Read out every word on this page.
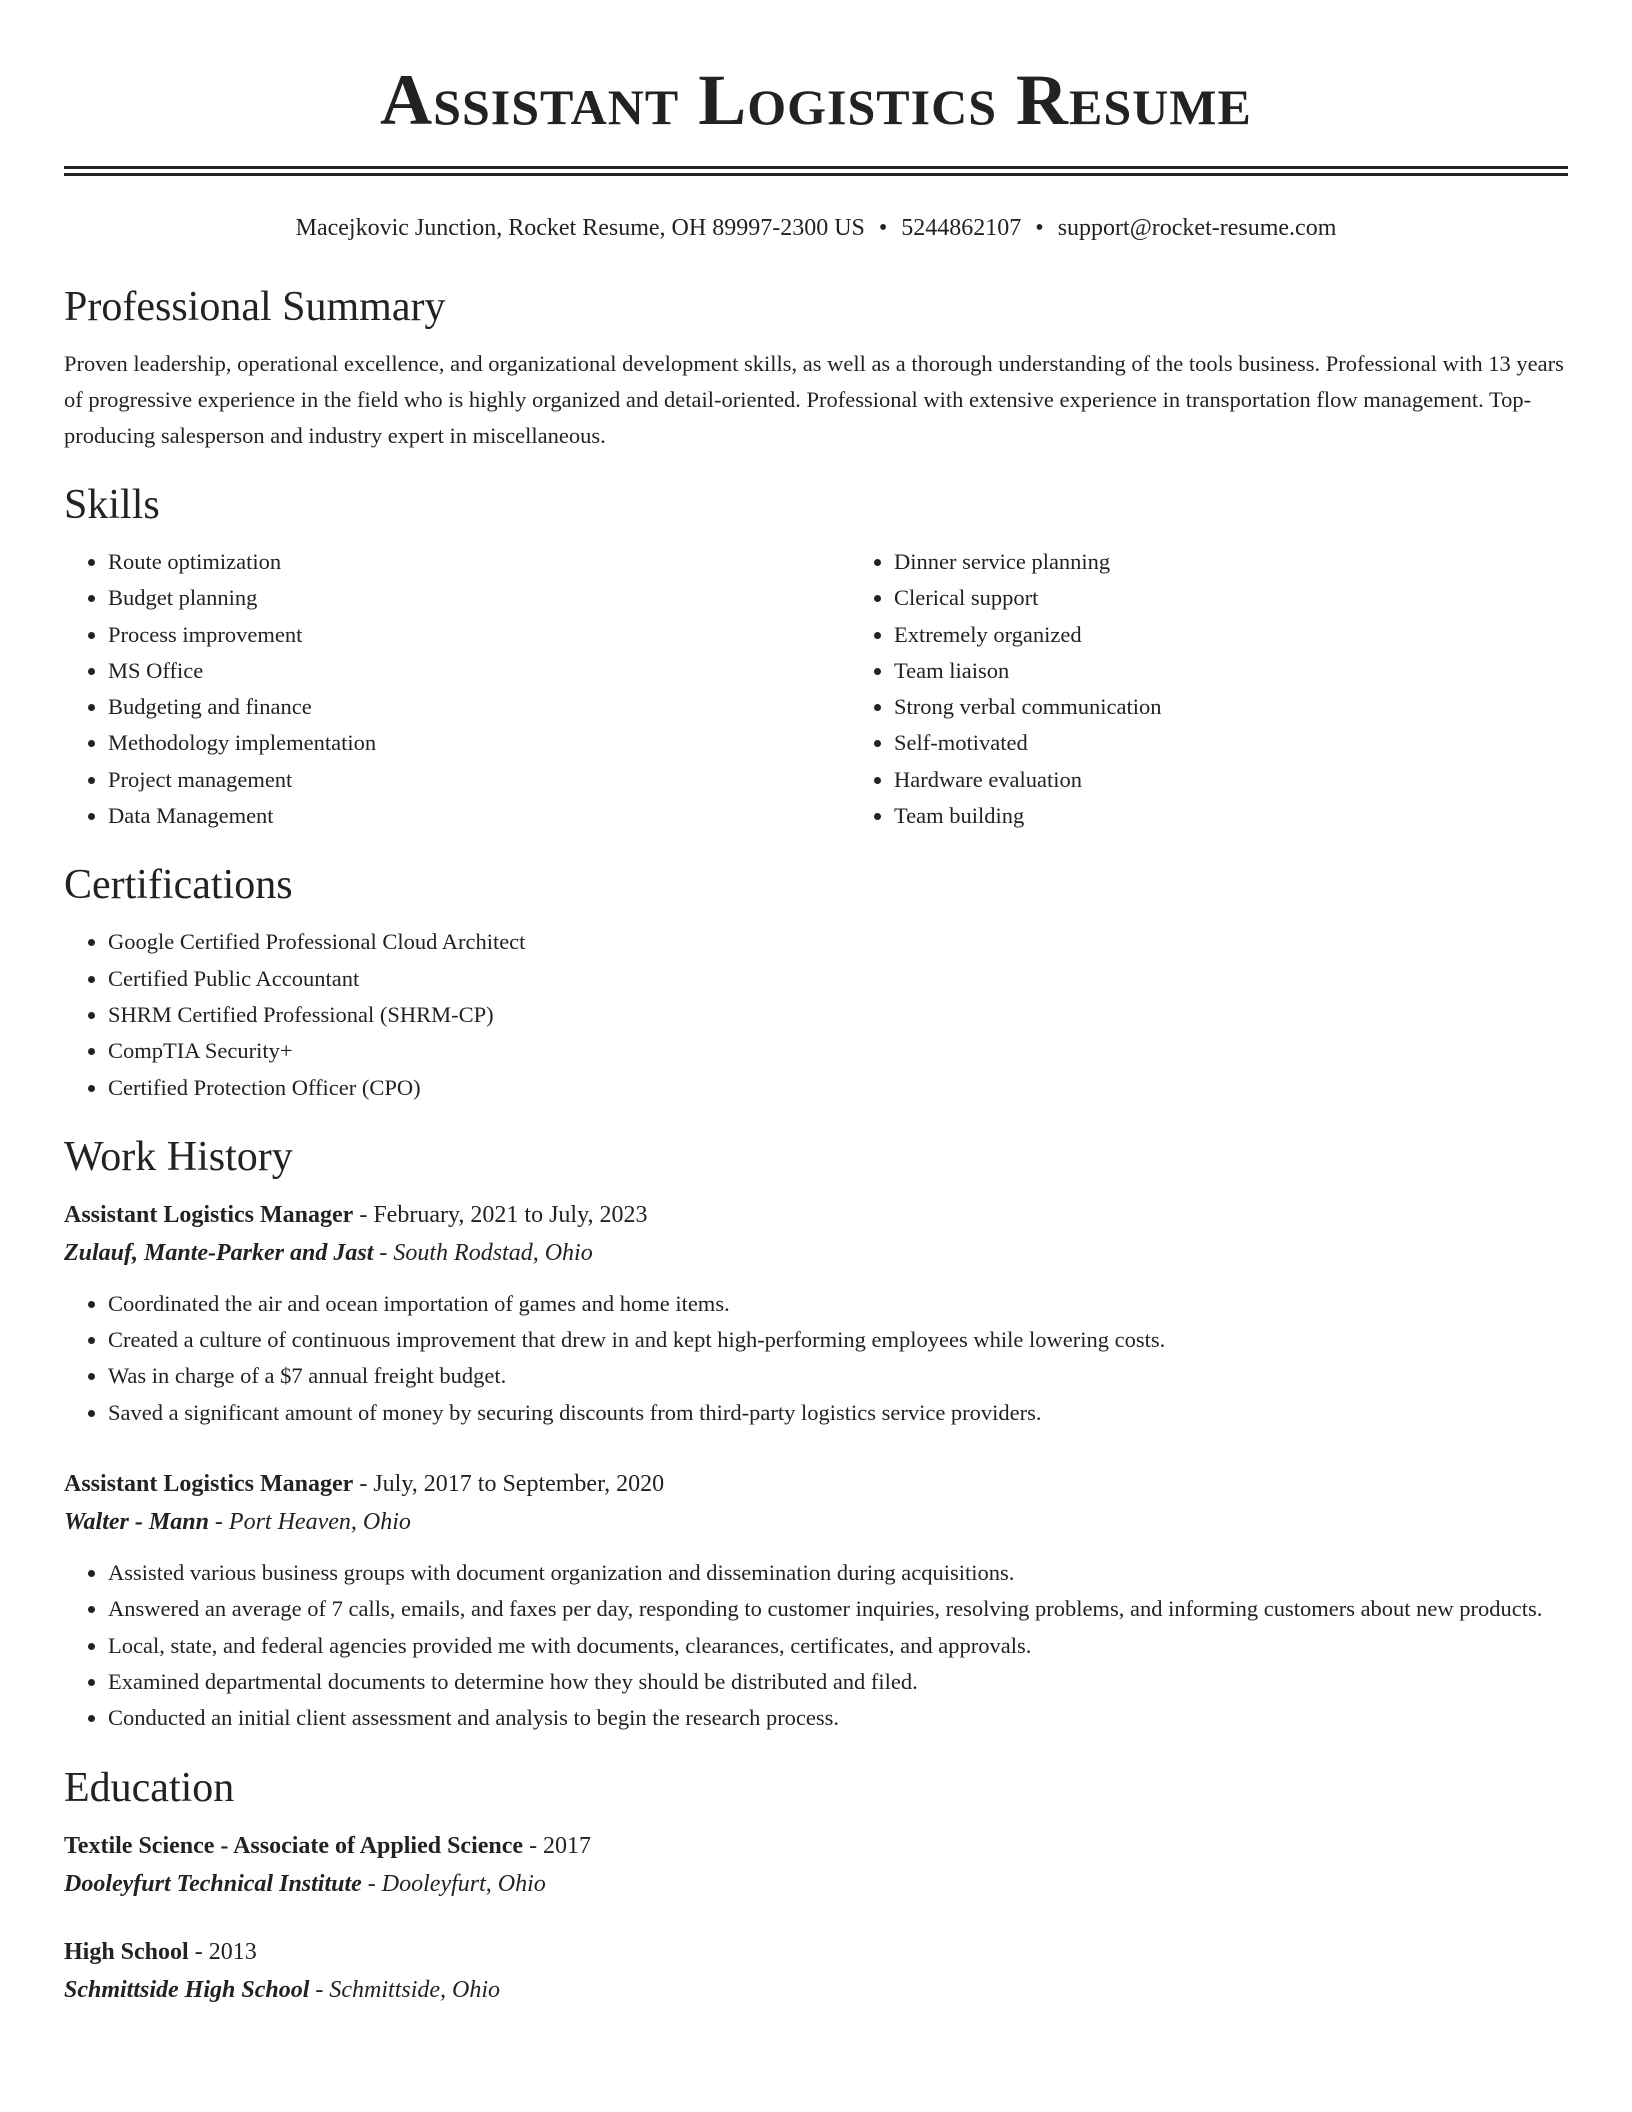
Assistant Logistics Resume
Macejkovic Junction, Rocket Resume, OH 89997-2300 US • 5244862107 • support@rocket-resume.com
Professional Summary

Proven leadership, operational excellence, and organizational development skills, as well as a thorough understanding of the tools business. Professional with 13 years of progressive experience in the field who is highly organized and detail-oriented. Professional with extensive experience in transportation flow management. Top-producing salesperson and industry expert in miscellaneous.

Skills
• Route optimization
• Budget planning
• Process improvement
• MS Office
• Budgeting and finance
• Methodology implementation
• Project management
• Data Management
• Dinner service planning
• Clerical support
• Extremely organized
• Team liaison
• Strong verbal communication
• Self-motivated
• Hardware evaluation
• Team building
Certifications
• Google Certified Professional Cloud Architect
• Certified Public Accountant
• SHRM Certified Professional (SHRM-CP)
• CompTIA Security+
• Certified Protection Officer (CPO)
Work History
Assistant Logistics Manager - February, 2021 to July, 2023
Zulauf, Mante-Parker and Jast - South Rodstad, Ohio
• Coordinated the air and ocean importation of games and home items.
• Created a culture of continuous improvement that drew in and kept high-performing employees while lowering costs.
• Was in charge of a $7 annual freight budget.
• Saved a significant amount of money by securing discounts from third-party logistics service providers.
Assistant Logistics Manager - July, 2017 to September, 2020
Walter - Mann - Port Heaven, Ohio
• Assisted various business groups with document organization and dissemination during acquisitions.
• Answered an average of 7 calls, emails, and faxes per day, responding to customer inquiries, resolving problems, and informing customers about new products.
• Local, state, and federal agencies provided me with documents, clearances, certificates, and approvals.
• Examined departmental documents to determine how they should be distributed and filed.
• Conducted an initial client assessment and analysis to begin the research process.
Education
Textile Science - Associate of Applied Science - 2017
Dooleyfurt Technical Institute - Dooleyfurt, Ohio
High School - 2013
Schmittside High School - Schmittside, Ohio
